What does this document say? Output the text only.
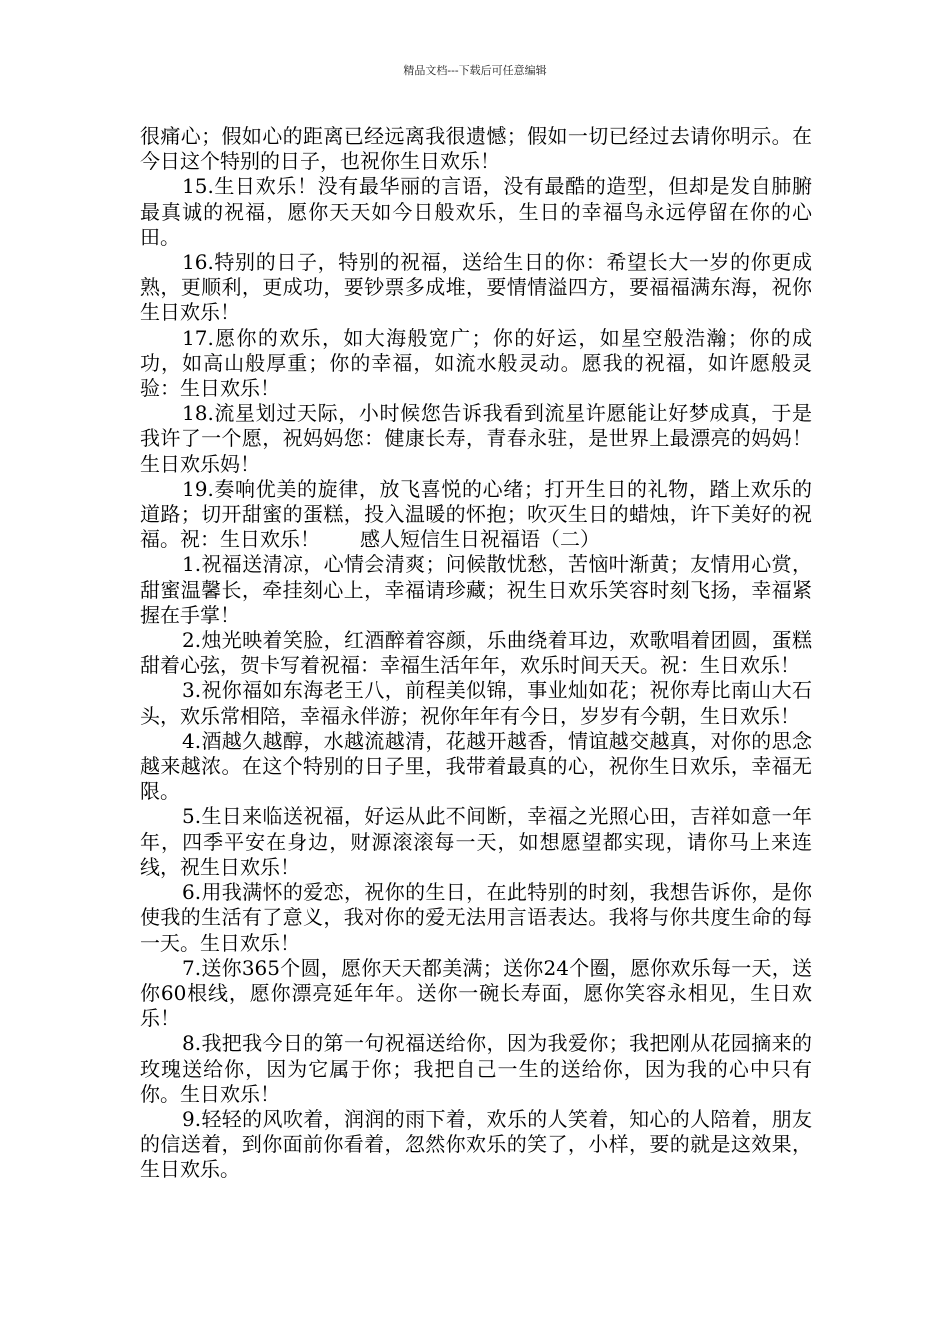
精品文档---下载后可任意编辑

很痛心；假如心的距离已经远离我很遗憾；假如一切已经过去请你明示。在今日这个特别的日子，也祝你生日欢乐！

15.生日欢乐！没有最华丽的言语，没有最酷的造型，但却是发自肺腑最真诚的祝福，愿你天天如今日般欢乐，生日的幸福鸟永远停留在你的心田。

16.特别的日子，特别的祝福，送给生日的你：希望长大一岁的你更成熟，更顺利，更成功，要钞票多成堆，要情情溢四方，要福福满东海，祝你生日欢乐！

17.愿你的欢乐，如大海般宽广；你的好运，如星空般浩瀚；你的成功，如高山般厚重；你的幸福，如流水般灵动。愿我的祝福，如许愿般灵验：生日欢乐！

18.流星划过天际，小时候您告诉我看到流星许愿能让好梦成真，于是我许了一个愿，祝妈妈您：健康长寿，青春永驻，是世界上最漂亮的妈妈！生日欢乐妈！

19.奏响优美的旋律，放飞喜悦的心绪；打开生日的礼物，踏上欢乐的道路；切开甜蜜的蛋糕，投入温暖的怀抱；吹灭生日的蜡烛，许下美好的祝福。祝：生日欢乐！ 感人短信生日祝福语（二）

1.祝福送清凉，心情会清爽；问候散忧愁，苦恼叶渐黄；友情用心赏，甜蜜温馨长，牵挂刻心上，幸福请珍藏；祝生日欢乐笑容时刻飞扬，幸福紧握在手掌！

2.烛光映着笑脸，红酒醉着容颜，乐曲绕着耳边，欢歌唱着团圆，蛋糕甜着心弦，贺卡写着祝福：幸福生活年年，欢乐时间天天。祝：生日欢乐！

3.祝你福如东海老王八，前程美似锦，事业灿如花；祝你寿比南山大石头，欢乐常相陪，幸福永伴游；祝你年年有今日，岁岁有今朝，生日欢乐！

4.酒越久越醇，水越流越清，花越开越香，情谊越交越真，对你的思念越来越浓。在这个特别的日子里，我带着最真的心，祝你生日欢乐，幸福无限。

5.生日来临送祝福，好运从此不间断，幸福之光照心田，吉祥如意一年年，四季平安在身边，财源滚滚每一天，如想愿望都实现，请你马上来连线，祝生日欢乐！

6.用我满怀的爱恋，祝你的生日，在此特别的时刻，我想告诉你，是你使我的生活有了意义，我对你的爱无法用言语表达。我将与你共度生命的每一天。生日欢乐！

7.送你365个圆，愿你天天都美满；送你24个圈，愿你欢乐每一天，送你60根线，愿你漂亮延年年。送你一碗长寿面，愿你笑容永相见，生日欢乐！

8.我把我今日的第一句祝福送给你，因为我爱你；我把刚从花园摘来的玫瑰送给你，因为它属于你；我把自己一生的送给你，因为我的心中只有你。生日欢乐！

9.轻轻的风吹着，润润的雨下着，欢乐的人笑着，知心的人陪着，朋友的信送着，到你面前你看着，忽然你欢乐的笑了，小样，要的就是这效果，生日欢乐。
